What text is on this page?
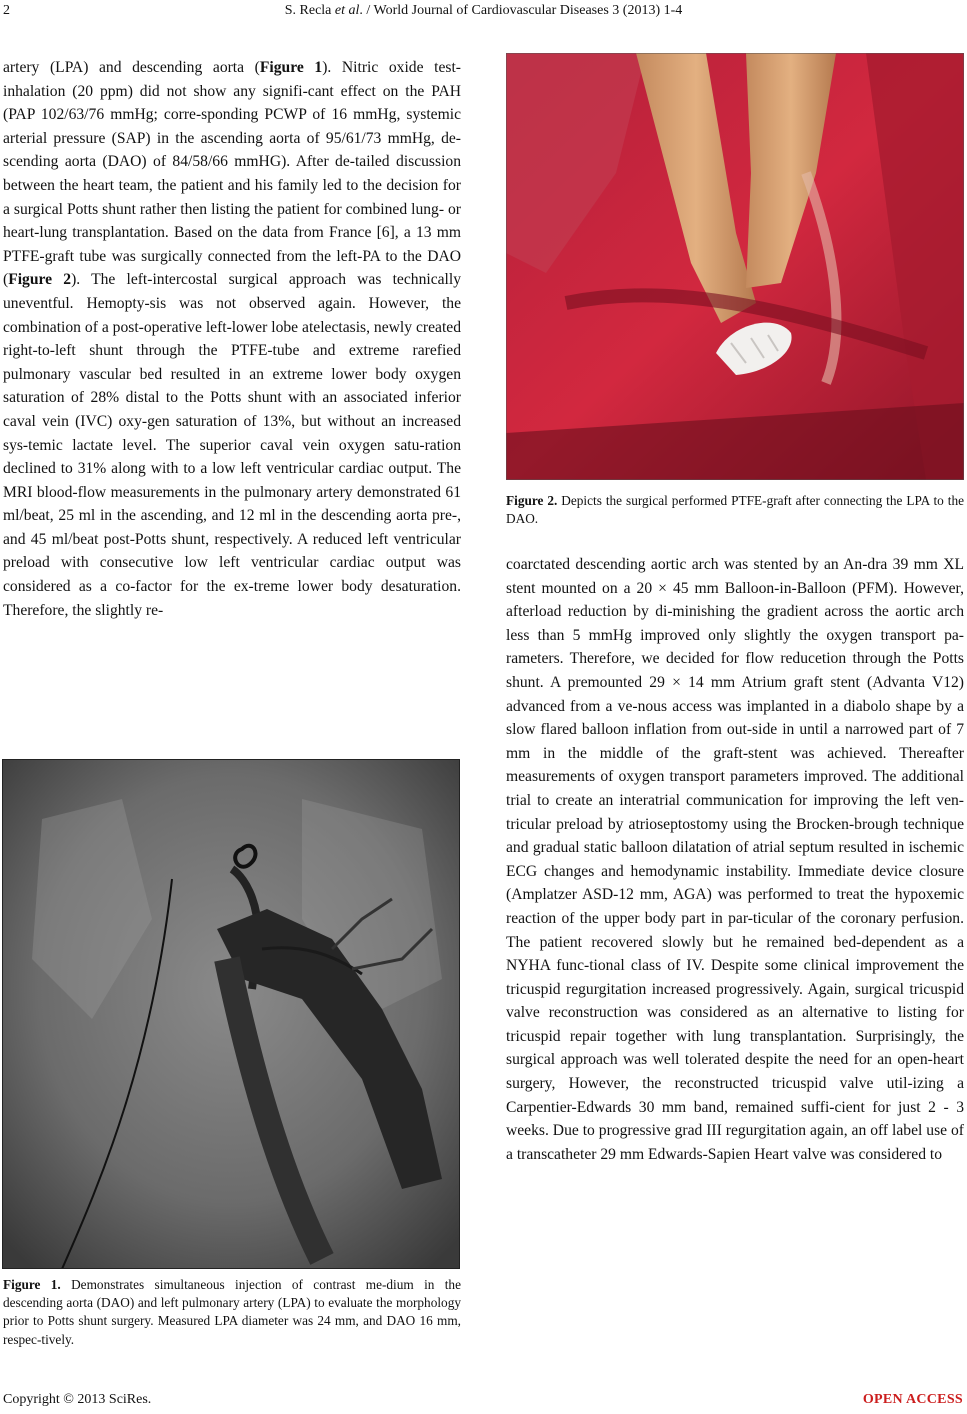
2	S. Recla et al. / World Journal of Cardiovascular Diseases 3 (2013) 1-4

artery (LPA) and descending aorta (Figure 1). Nitric oxide test-inhalation (20 ppm) did not show any signifi-cant effect on the PAH (PAP 102/63/76 mmHg; corre-sponding PCWP of 16 mmHg, systemic arterial pressure (SAP) in the ascending aorta of 95/61/73 mmHg, de-scending aorta (DAO) of 84/58/66 mmHG). After de-tailed discussion between the heart team, the patient and his family led to the decision for a surgical Potts shunt rather then listing the patient for combined lung- or heart-lung transplantation. Based on the data from France [6], a 13 mm PTFE-graft tube was surgically connected from the left-PA to the DAO (Figure 2). The left-intercostal surgical approach was technically uneventful. Hemopty-sis was not observed again. However, the combination of a post-operative left-lower lobe atelectasis, newly created right-to-left shunt through the PTFE-tube and extreme rarefied pulmonary vascular bed resulted in an extreme lower body oxygen saturation of 28% distal to the Potts shunt with an associated inferior caval vein (IVC) oxy-gen saturation of 13%, but without an increased sys-temic lactate level. The superior caval vein oxygen satu-ration declined to 31% along with to a low left ventricular cardiac output. The MRI blood-flow measurements in the pulmonary artery demonstrated 61 ml/beat, 25 ml in the ascending, and 12 ml in the descending aorta pre-, and 45 ml/beat post-Potts shunt, respectively. A reduced left ventricular preload with consecutive low left ventricular cardiac output was considered as a co-factor for the ex-treme lower body desaturation. Therefore, the slightly re-

Figure 1. Demonstrates simultaneous injection of contrast me-dium in the descending aorta (DAO) and left pulmonary artery (LPA) to evaluate the morphology prior to Potts shunt surgery. Measured LPA diameter was 24 mm, and DAO 16 mm, respec-tively.
Figure 2. Depicts the surgical performed PTFE-graft after connecting the LPA to the DAO.

coarctated descending aortic arch was stented by an An-dra 39 mm XL stent mounted on a 20 × 45 mm Balloon-in-Balloon (PFM). However, afterload reduction by di-minishing the gradient across the aortic arch less than 5 mmHg improved only slightly the oxygen transport pa-rameters. Therefore, we decided for flow reducetion through the Potts shunt. A premounted 29 × 14 mm Atrium graft stent (Advanta V12) advanced from a ve-nous access was implanted in a diabolo shape by a slow flared balloon inflation from out-side in until a narrowed part of 7 mm in the middle of the graft-stent was achieved. Thereafter measurements of oxygen transport parameters improved. The additional trial to create an interatrial communication for improving the left ven-tricular preload by atrioseptostomy using the Brocken-brough technique and gradual static balloon dilatation of atrial septum resulted in ischemic ECG changes and hemodynamic instability. Immediate device closure (Amplatzer ASD-12 mm, AGA) was performed to treat the hypoxemic reaction of the upper body part in par-ticular of the coronary perfusion. The patient recovered slowly but he remained bed-dependent as a NYHA func-tional class of IV. Despite some clinical improvement the tricuspid regurgitation increased progressively. Again, surgical tricuspid valve reconstruction was considered as an alternative to listing for tricuspid repair together with lung transplantation. Surprisingly, the surgical approach was well tolerated despite the need for an open-heart surgery, However, the reconstructed tricuspid valve util-izing a Carpentier-Edwards 30 mm band, remained suffi-cient for just 2 - 3 weeks. Due to progressive grad III regurgitation again, an off label use of a transcatheter 29 mm Edwards-Sapien Heart valve was considered to

Copyright © 2013 SciRes.	OPEN ACCESS
